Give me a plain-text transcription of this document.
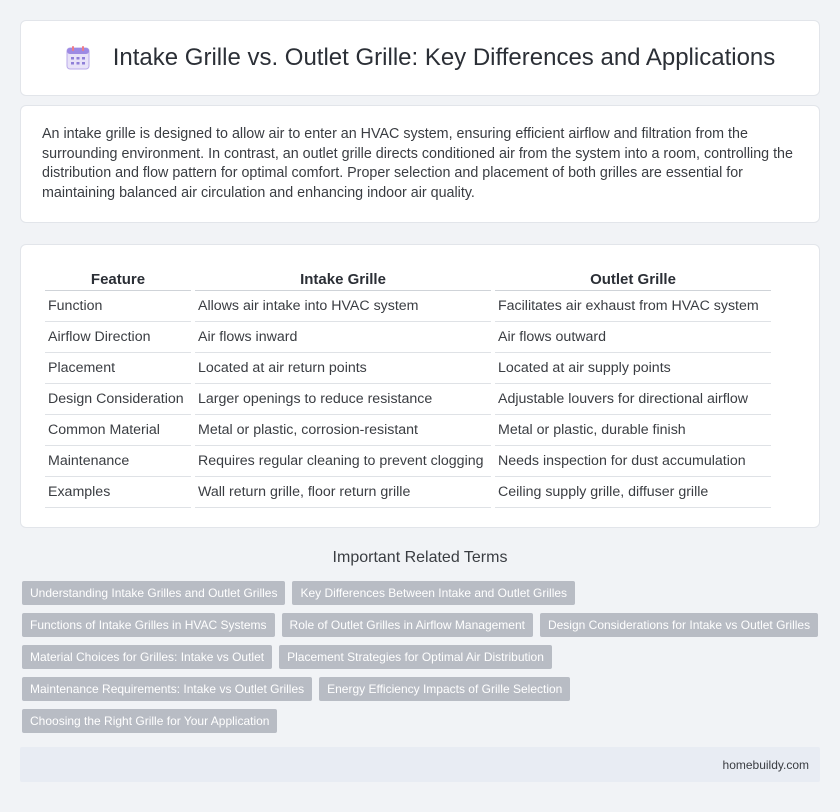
Intake Grille vs. Outlet Grille: Key Differences and Applications

An intake grille is designed to allow air to enter an HVAC system, ensuring efficient airflow and filtration from the surrounding environment. In contrast, an outlet grille directs conditioned air from the system into a room, controlling the distribution and flow pattern for optimal comfort. Proper selection and placement of both grilles are essential for maintaining balanced air circulation and enhancing indoor air quality.

Feature	Intake Grille	Outlet Grille
Function	Allows air intake into HVAC system	Facilitates air exhaust from HVAC system
Airflow Direction	Air flows inward	Air flows outward
Placement	Located at air return points	Located at air supply points
Design Consideration	Larger openings to reduce resistance	Adjustable louvers for directional airflow
Common Material	Metal or plastic, corrosion-resistant	Metal or plastic, durable finish
Maintenance	Requires regular cleaning to prevent clogging	Needs inspection for dust accumulation
Examples	Wall return grille, floor return grille	Ceiling supply grille, diffuser grille
Important Related Terms
Understanding Intake Grilles and Outlet Grilles	Key Differences Between Intake and Outlet Grilles
Functions of Intake Grilles in HVAC Systems	Role of Outlet Grilles in Airflow Management	Design Considerations for Intake vs Outlet Grilles
Material Choices for Grilles: Intake vs Outlet	Placement Strategies for Optimal Air Distribution
Maintenance Requirements: Intake vs Outlet Grilles	Energy Efficiency Impacts of Grille Selection
Choosing the Right Grille for Your Application
homebuildy.com
